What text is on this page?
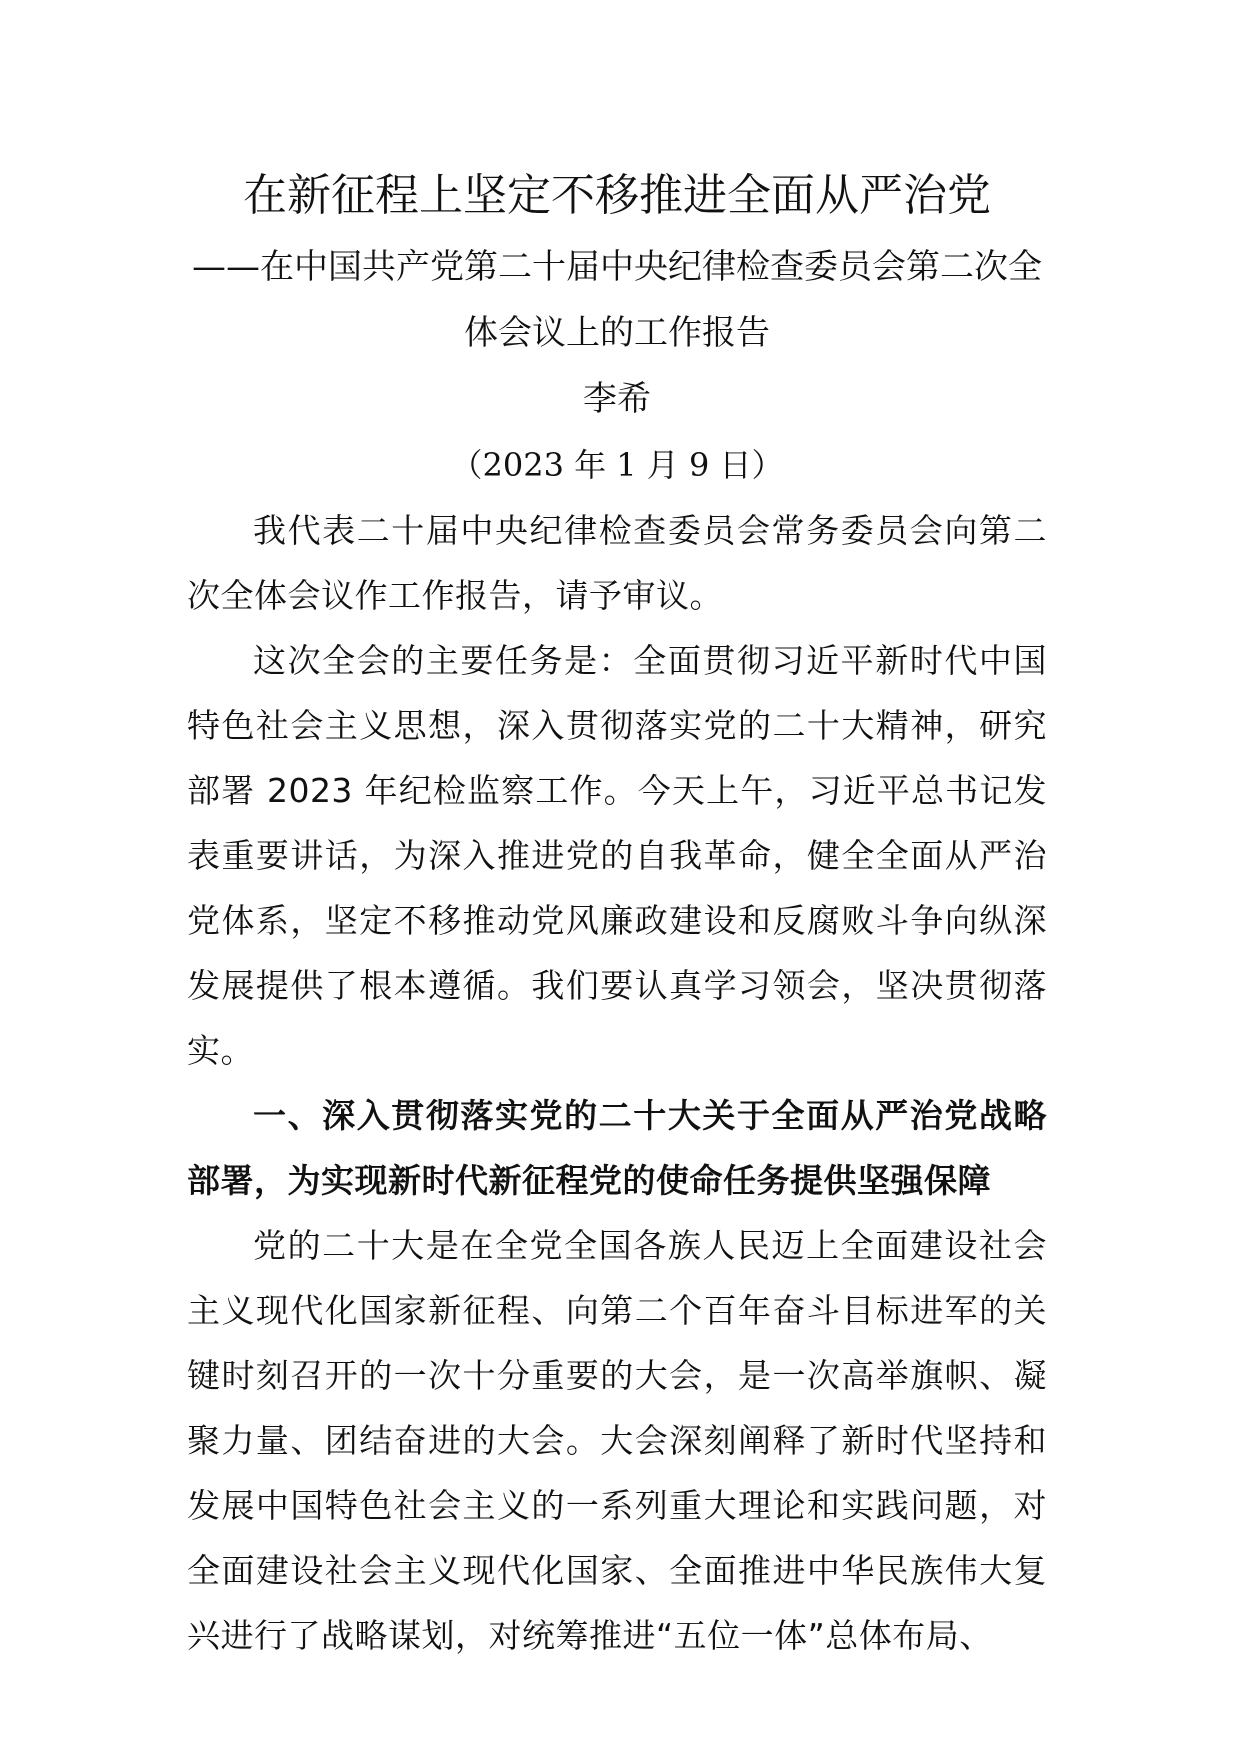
在新征程上坚定不移推进全面从严治党

——在中国共产党第二十届中央纪律检查委员会第二次全体会议上的工作报告

李希

（2023 年 1 月 9 日）

我代表二十届中央纪律检查委员会常务委员会向第二次全体会议作工作报告，请予审议。

这次全会的主要任务是：全面贯彻习近平新时代中国特色社会主义思想，深入贯彻落实党的二十大精神，研究部署 2023 年纪检监察工作。今天上午，习近平总书记发表重要讲话，为深入推进党的自我革命，健全全面从严治党体系，坚定不移推动党风廉政建设和反腐败斗争向纵深发展提供了根本遵循。我们要认真学习领会，坚决贯彻落实。

一、深入贯彻落实党的二十大关于全面从严治党战略部署，为实现新时代新征程党的使命任务提供坚强保障

党的二十大是在全党全国各族人民迈上全面建设社会主义现代化国家新征程、向第二个百年奋斗目标进军的关键时刻召开的一次十分重要的大会，是一次高举旗帜、凝聚力量、团结奋进的大会。大会深刻阐释了新时代坚持和发展中国特色社会主义的一系列重大理论和实践问题，对全面建设社会主义现代化国家、全面推进中华民族伟大复兴进行了战略谋划，对统筹推进“五位一体”总体布局、
